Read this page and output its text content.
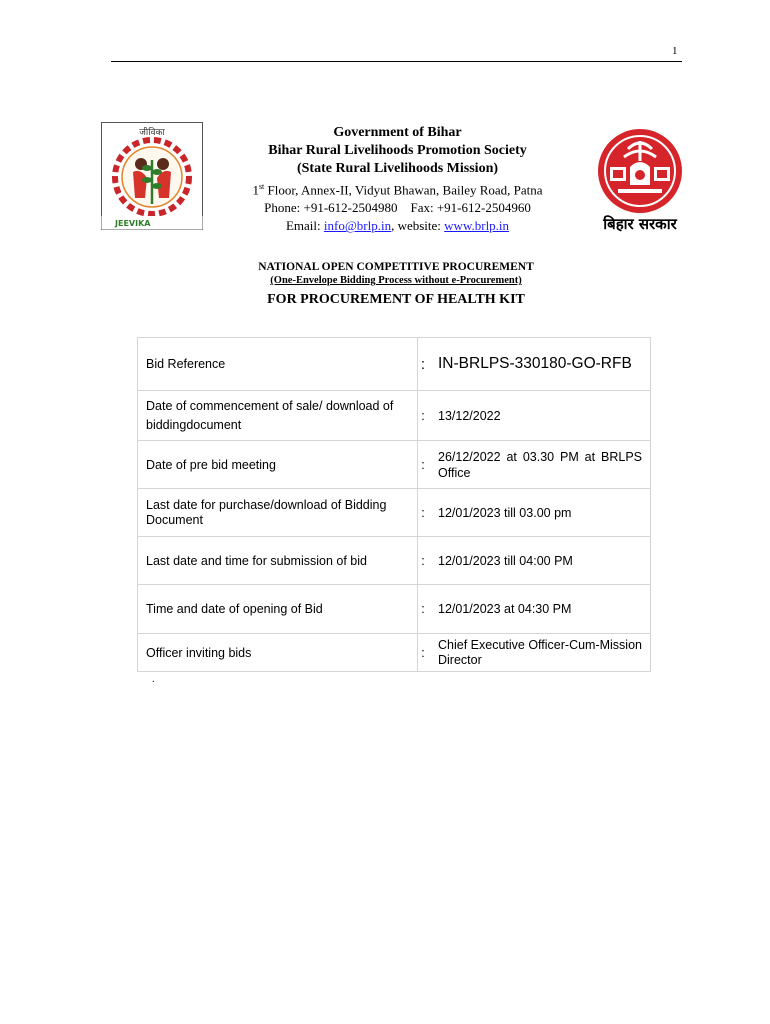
1
जीविका
JEEVIKA
Government of Bihar
Bihar Rural Livelihoods Promotion Society
(State Rural Livelihoods Mission)
1st Floor, Annex-II, Vidyut Bhawan, Bailey Road, Patna
Phone: +91-612-2504980    Fax: +91-612-2504960
Email: info@brlp.in, website: www.brlp.in	बिहार सरकार
NATIONAL OPEN COMPETITIVE PROCUREMENT
(One-Envelope Bidding Process without e-Procurement)
FOR PROCUREMENT OF HEALTH KIT
Bid Reference	:	IN-BRLPS-330180-GO-RFB
Date of commencement of sale/ download of biddingdocument	:	13/12/2022
Date of pre bid meeting	:	26/12/2022 at 03.30 PM at BRLPS Office
Last date for purchase/download of Bidding Document	:	12/01/2023 till 03.00 pm
Last date and time for submission of bid	:	12/01/2023 till 04:00 PM
Time and date of opening of Bid	:	12/01/2023 at 04:30 PM
Officer inviting bids	:	Chief Executive Officer-Cum-Mission Director
.
